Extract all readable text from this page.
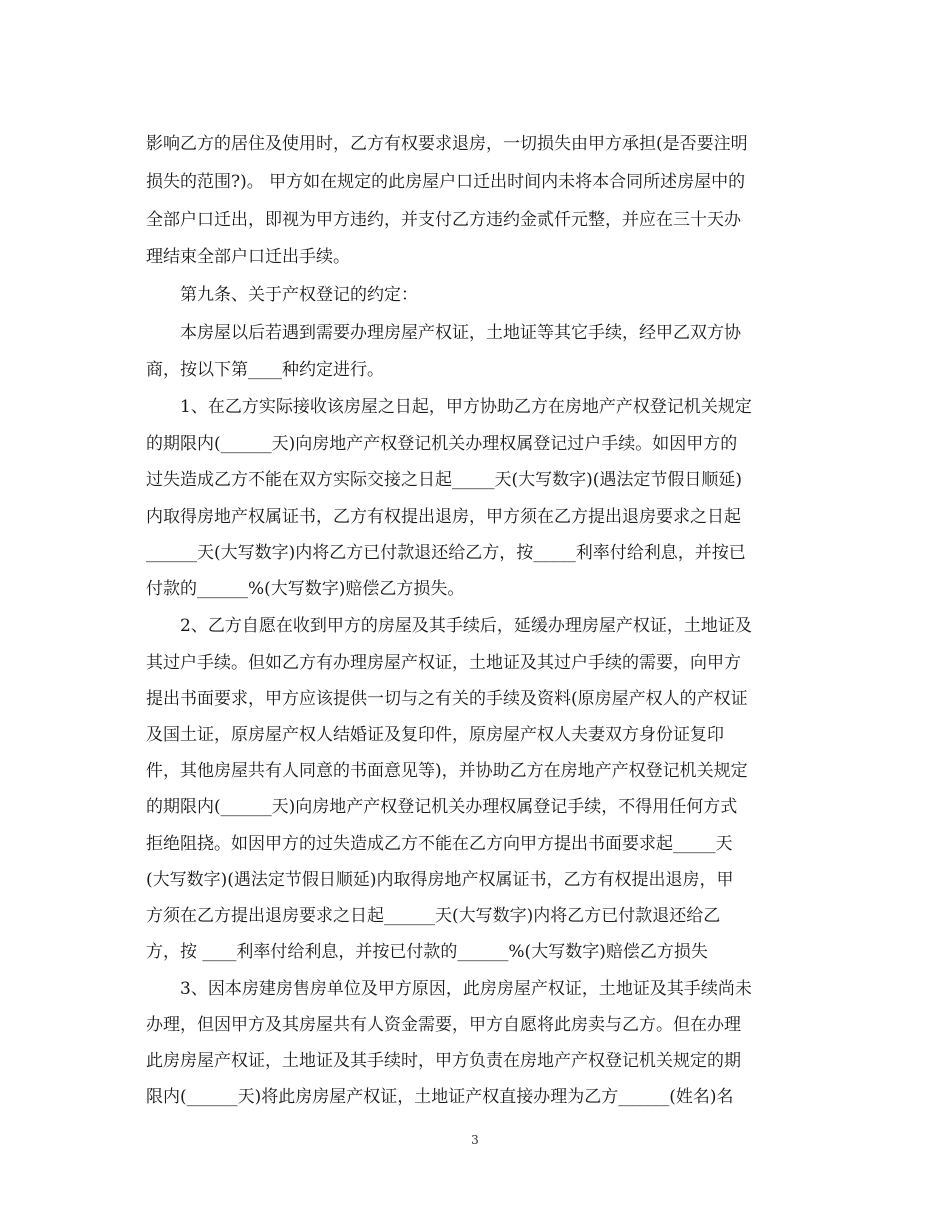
影响乙方的居住及使用时，乙方有权要求退房，一切损失由甲方承担(是否要注明
损失的范围?)。 甲方如在规定的此房屋户口迁出时间内未将本合同所述房屋中的
全部户口迁出，即视为甲方违约，并支付乙方违约金贰仟元整，并应在三十天办
理结束全部户口迁出手续。
第九条、关于产权登记的约定：
本房屋以后若遇到需要办理房屋产权证，土地证等其它手续，经甲乙双方协
商，按以下第____种约定进行。
1、在乙方实际接收该房屋之日起，甲方协助乙方在房地产产权登记机关规定
的期限内(______天)向房地产产权登记机关办理权属登记过户手续。如因甲方的
过失造成乙方不能在双方实际交接之日起_____天(大写数字)(遇法定节假日顺延)
内取得房地产权属证书，乙方有权提出退房，甲方须在乙方提出退房要求之日起
______天(大写数字)内将乙方已付款退还给乙方，按_____利率付给利息，并按已
付款的______%(大写数字)赔偿乙方损失。
2、乙方自愿在收到甲方的房屋及其手续后，延缓办理房屋产权证，土地证及
其过户手续。但如乙方有办理房屋产权证，土地证及其过户手续的需要，向甲方
提出书面要求，甲方应该提供一切与之有关的手续及资料(原房屋产权人的产权证
及国土证，原房屋产权人结婚证及复印件，原房屋产权人夫妻双方身份证复印
件，其他房屋共有人同意的书面意见等)，并协助乙方在房地产产权登记机关规定
的期限内(______天)向房地产产权登记机关办理权属登记手续，不得用任何方式
拒绝阻挠。如因甲方的过失造成乙方不能在乙方向甲方提出书面要求起_____天
(大写数字)(遇法定节假日顺延)内取得房地产权属证书，乙方有权提出退房，甲
方须在乙方提出退房要求之日起______天(大写数字)内将乙方已付款退还给乙
方，按 ____利率付给利息，并按已付款的______%(大写数字)赔偿乙方损失
3、因本房建房售房单位及甲方原因，此房房屋产权证，土地证及其手续尚未
办理，但因甲方及其房屋共有人资金需要，甲方自愿将此房卖与乙方。但在办理
此房房屋产权证，土地证及其手续时，甲方负责在房地产产权登记机关规定的期
限内(______天)将此房房屋产权证，土地证产权直接办理为乙方______(姓名)名
3
